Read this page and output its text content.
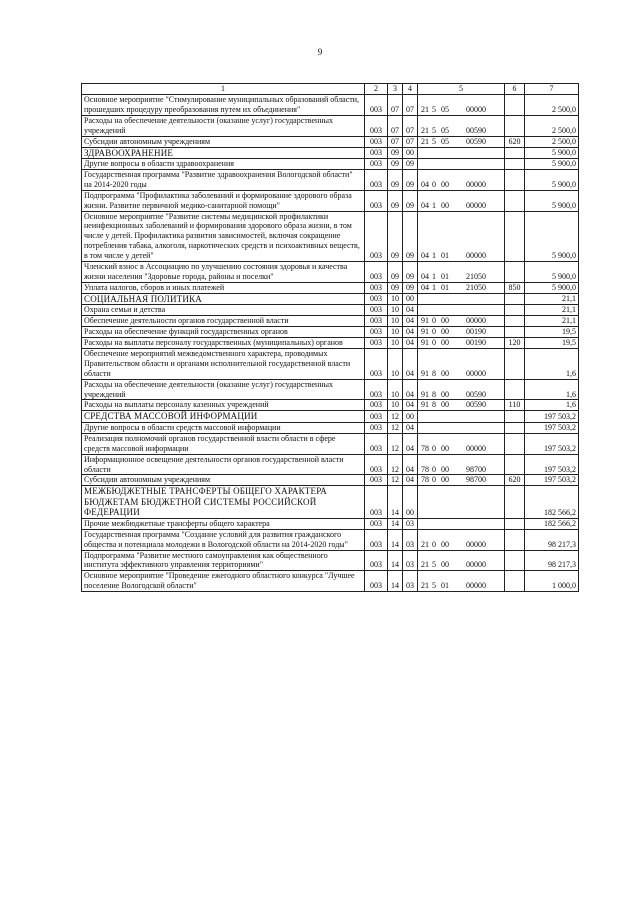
9
1	2	3	4	5	6	7
Основное мероприятие "Стимулирование муниципальных образований области, прошедших процедуру преобразования путем их объединения"	003	07	07	21 5 05 00000		2 500,0
Расходы на обеспечение деятельности (оказание услуг) государственных учреждений	003	07	07	21 5 05 00590		2 500,0
Субсидии автономным учреждениям	003	07	07	21 5 05 00590	620	2 500,0
ЗДРАВООХРАНЕНИЕ	003	09	00			5 900,0
Другие вопросы в области здравоохранения	003	09	09			5 900,0
Государственная программа "Развитие здравоохранения Вологодской области" на 2014-2020 годы	003	09	09	04 0 00 00000		5 900,0
Подпрограмма "Профилактика заболеваний и формирование здорового образа жизни. Развитие первичной медико-санитарной помощи"	003	09	09	04 1 00 00000		5 900,0
Основное мероприятие "Развитие системы медицинской профилактики неинфекционных заболеваний и формирования здорового образа жизни, в том числе у детей. Профилактика развития зависимостей, включая сокращение потребления табака, алкоголя, наркотических средств и психоактивных веществ, в том числе у детей"	003	09	09	04 1 01 00000		5 900,0
Членский взнос в Ассоциацию по улучшению состояния здоровья и качества жизни населения "Здоровые города, районы и поселки"	003	09	09	04 1 01 21050		5 900,0
Уплата налогов, сборов и иных платежей	003	09	09	04 1 01 21050	850	5 900,0
СОЦИАЛЬНАЯ ПОЛИТИКА	003	10	00			21,1
Охрана семьи и детства	003	10	04			21,1
Обеспечение деятельности органов государственной власти	003	10	04	91 0 00 00000		21,1
Расходы на обеспечение функций государственных органов	003	10	04	91 0 00 00190		19,5
Расходы на выплаты персоналу государственных (муниципальных) органов	003	10	04	91 0 00 00190	120	19,5
Обеспечение мероприятий межведомственного характера, проводимых Правительством области и органами исполнительной государственной власти области	003	10	04	91 8 00 00000		1,6
Расходы на обеспечение деятельности (оказание услуг) государственных учреждений	003	10	04	91 8 00 00590		1,6
Расходы на выплаты персоналу казенных учреждений	003	10	04	91 8 00 00590	110	1,6
СРЕДСТВА МАССОВОЙ ИНФОРМАЦИИ	003	12	00			197 503,2
Другие вопросы в области средств массовой информации	003	12	04			197 503,2
Реализация полномочий органов государственной власти области в сфере средств массовой информации	003	12	04	78 0 00 00000		197 503,2
Информационное освещение деятельности органов государственной власти области	003	12	04	78 0 00 98700		197 503,2
Субсидии автономным учреждениям	003	12	04	78 0 00 98700	620	197 503,2
МЕЖБЮДЖЕТНЫЕ ТРАНСФЕРТЫ ОБЩЕГО ХАРАКТЕРА БЮДЖЕТАМ БЮДЖЕТНОЙ СИСТЕМЫ РОССИЙСКОЙ ФЕДЕРАЦИИ	003	14	00			182 566,2
Прочие межбюджетные трансферты общего характера	003	14	03			182 566,2
Государственная программа "Создание условий для развития гражданского общества и потенциала молодежи в Вологодской области на 2014-2020 годы"	003	14	03	21 0 00 00000		98 217,3
Подпрограмма "Развитие местного самоуправления как общественного института эффективного управления территориями"	003	14	03	21 5 00 00000		98 217,3
Основное мероприятие "Проведение ежегодного областного конкурса "Лучшее поселение Вологодской области"	003	14	03	21 5 01 00000		1 000,0
